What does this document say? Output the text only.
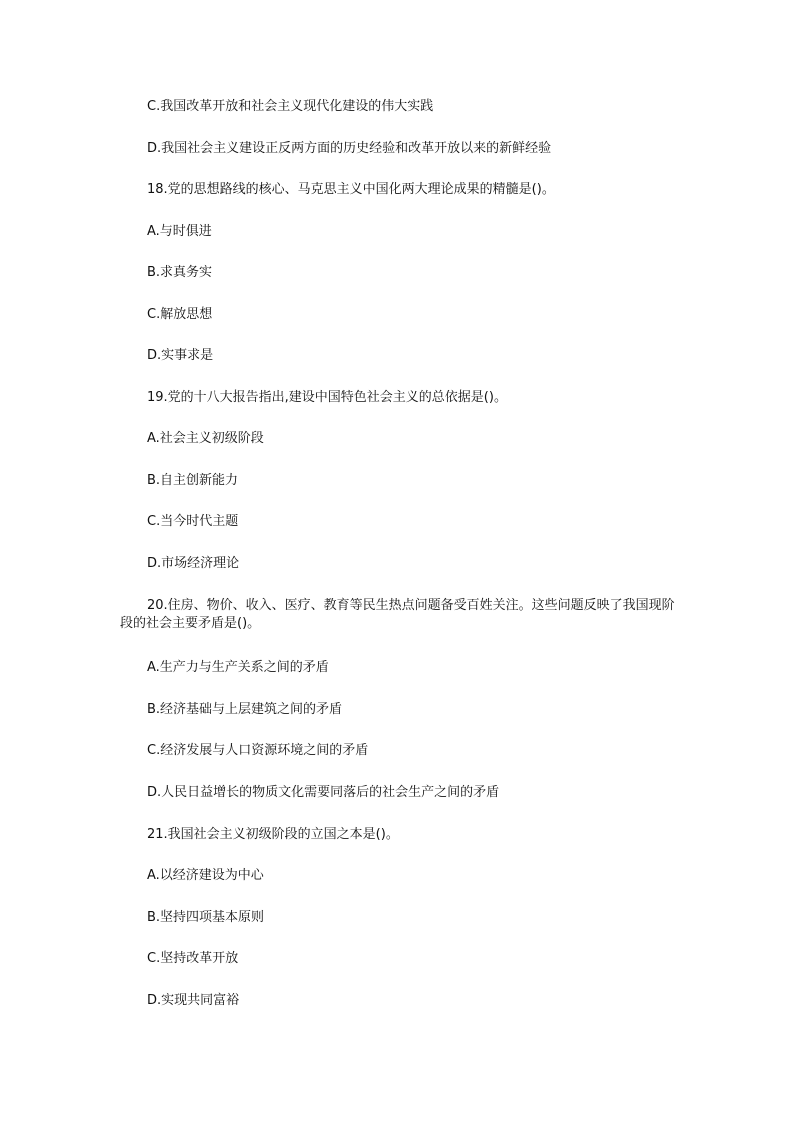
C.我国改革开放和社会主义现代化建设的伟大实践
D.我国社会主义建设正反两方面的历史经验和改革开放以来的新鲜经验
18.党的思想路线的核心、马克思主义中国化两大理论成果的精髓是()。
A.与时俱进
B.求真务实
C.解放思想
D.实事求是
19.党的十八大报告指出,建设中国特色社会主义的总依据是()。
A.社会主义初级阶段
B.自主创新能力
C.当今时代主题
D.市场经济理论
20.住房、物价、收入、医疗、教育等民生热点问题备受百姓关注。这些问题反映了我国现阶段的社会主要矛盾是()。
A.生产力与生产关系之间的矛盾
B.经济基础与上层建筑之间的矛盾
C.经济发展与人口资源环境之间的矛盾
D.人民日益增长的物质文化需要同落后的社会生产之间的矛盾
21.我国社会主义初级阶段的立国之本是()。
A.以经济建设为中心
B.坚持四项基本原则
C.坚持改革开放
D.实现共同富裕
